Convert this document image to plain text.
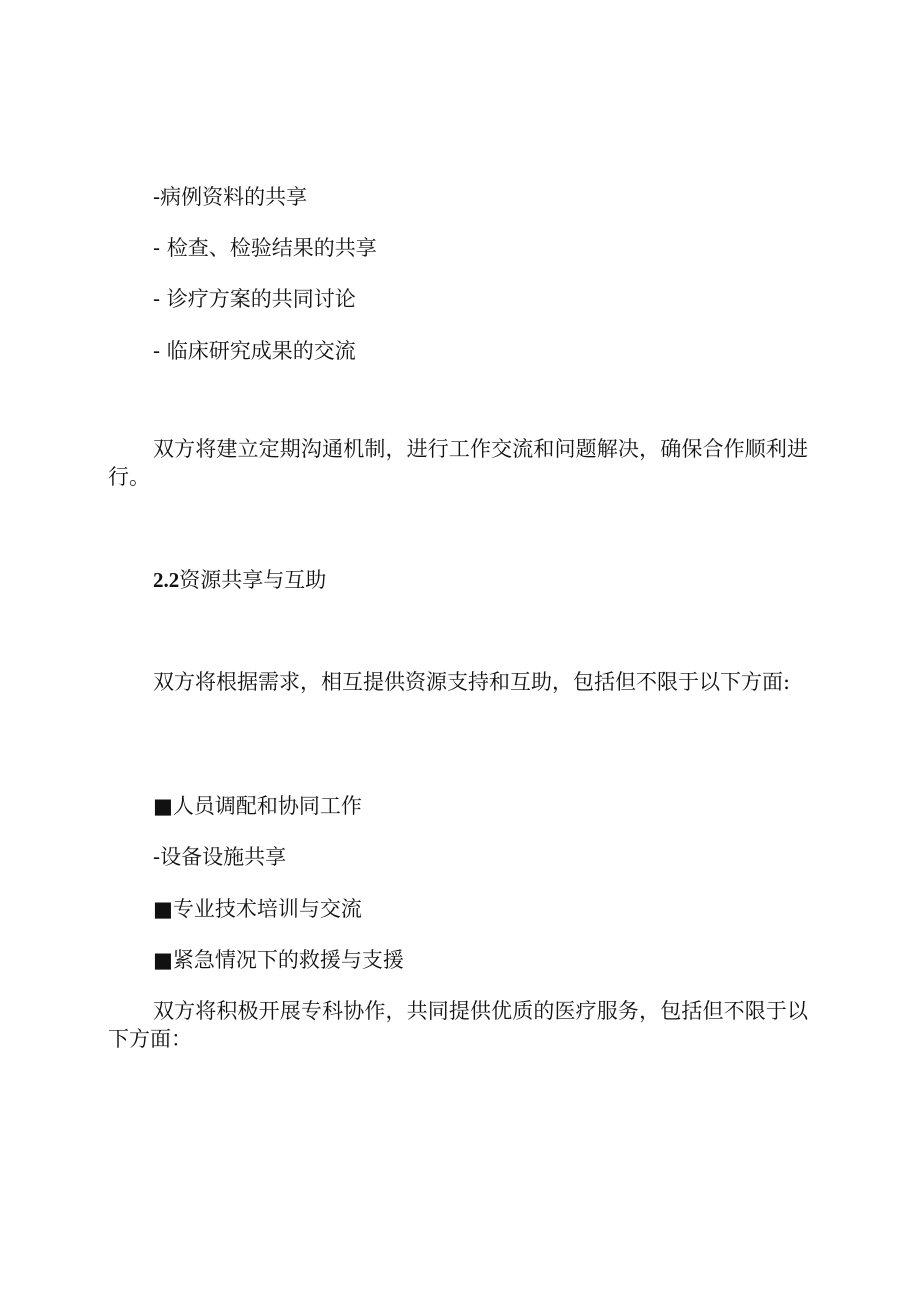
-病例资料的共享
- 检查、检验结果的共享
- 诊疗方案的共同讨论
- 临床研究成果的交流
双方将建立定期沟通机制，进行工作交流和问题解决，确保合作顺利进行。
2.2资源共享与互助
双方将根据需求，相互提供资源支持和互助，包括但不限于以下方面:
■人员调配和协同工作
-设备设施共享
■专业技术培训与交流
■紧急情况下的救援与支援
双方将积极开展专科协作，共同提供优质的医疗服务，包括但不限于以下方面：
